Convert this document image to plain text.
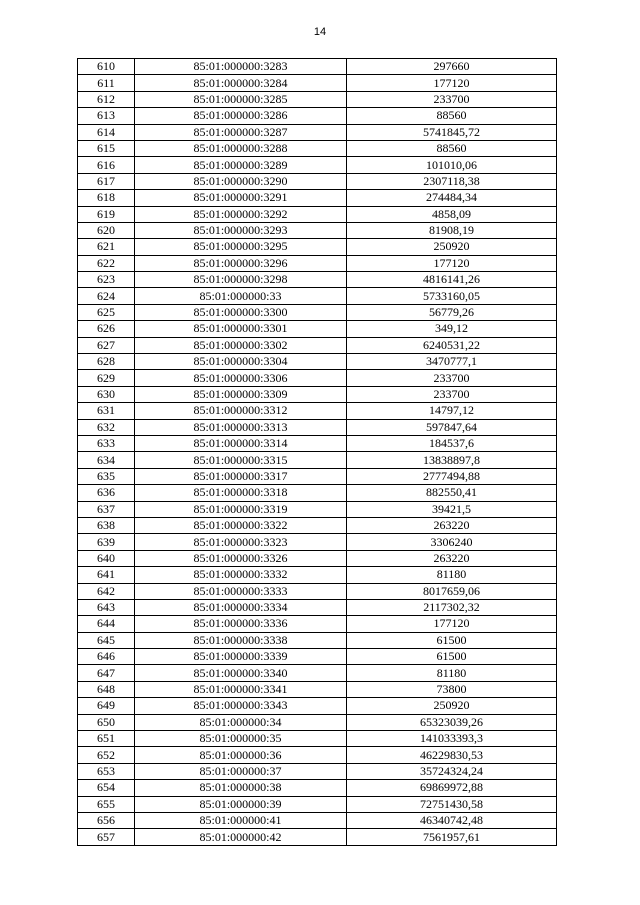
14
610	85:01:000000:3283	297660
611	85:01:000000:3284	177120
612	85:01:000000:3285	233700
613	85:01:000000:3286	88560
614	85:01:000000:3287	5741845,72
615	85:01:000000:3288	88560
616	85:01:000000:3289	101010,06
617	85:01:000000:3290	2307118,38
618	85:01:000000:3291	274484,34
619	85:01:000000:3292	4858,09
620	85:01:000000:3293	81908,19
621	85:01:000000:3295	250920
622	85:01:000000:3296	177120
623	85:01:000000:3298	4816141,26
624	85:01:000000:33	5733160,05
625	85:01:000000:3300	56779,26
626	85:01:000000:3301	349,12
627	85:01:000000:3302	6240531,22
628	85:01:000000:3304	3470777,1
629	85:01:000000:3306	233700
630	85:01:000000:3309	233700
631	85:01:000000:3312	14797,12
632	85:01:000000:3313	597847,64
633	85:01:000000:3314	184537,6
634	85:01:000000:3315	13838897,8
635	85:01:000000:3317	2777494,88
636	85:01:000000:3318	882550,41
637	85:01:000000:3319	39421,5
638	85:01:000000:3322	263220
639	85:01:000000:3323	3306240
640	85:01:000000:3326	263220
641	85:01:000000:3332	81180
642	85:01:000000:3333	8017659,06
643	85:01:000000:3334	2117302,32
644	85:01:000000:3336	177120
645	85:01:000000:3338	61500
646	85:01:000000:3339	61500
647	85:01:000000:3340	81180
648	85:01:000000:3341	73800
649	85:01:000000:3343	250920
650	85:01:000000:34	65323039,26
651	85:01:000000:35	141033393,3
652	85:01:000000:36	46229830,53
653	85:01:000000:37	35724324,24
654	85:01:000000:38	69869972,88
655	85:01:000000:39	72751430,58
656	85:01:000000:41	46340742,48
657	85:01:000000:42	7561957,61
